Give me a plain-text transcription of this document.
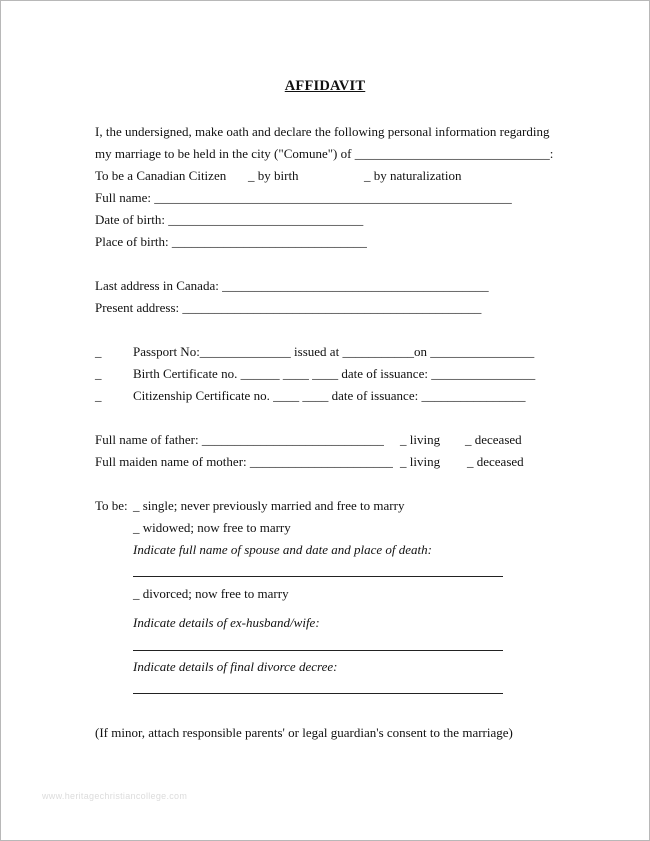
AFFIDAVIT
I, the undersigned, make oath and declare the following personal information regarding
my marriage to be held in the city ("Comune") of ______________________________:
To be a Canadian Citizen _ by birth	_ by naturalization
Full name: _______________________________________________________
Date of birth: ______________________________
Place of birth: ______________________________
Last address in Canada: _________________________________________
Present address: ______________________________________________
_ Passport No:______________ issued at ___________on ________________
_ Birth Certificate no. ______ ____ ____ date of issuance: ________________
_ Citizenship Certificate no. ____ ____ date of issuance: ________________
Full name of father: ____________________________ _ living _ deceased
Full maiden name of mother: ______________________ _ living _ deceased
To be: _ single; never previously married and free to marry
_ widowed; now free to marry
Indicate full name of spouse and date and place of death:
_ divorced; now free to marry
Indicate details of ex-husband/wife:
Indicate details of final divorce decree:
(If minor, attach responsible parents' or legal guardian's consent to the marriage)
www.heritagechristiancollege.com
